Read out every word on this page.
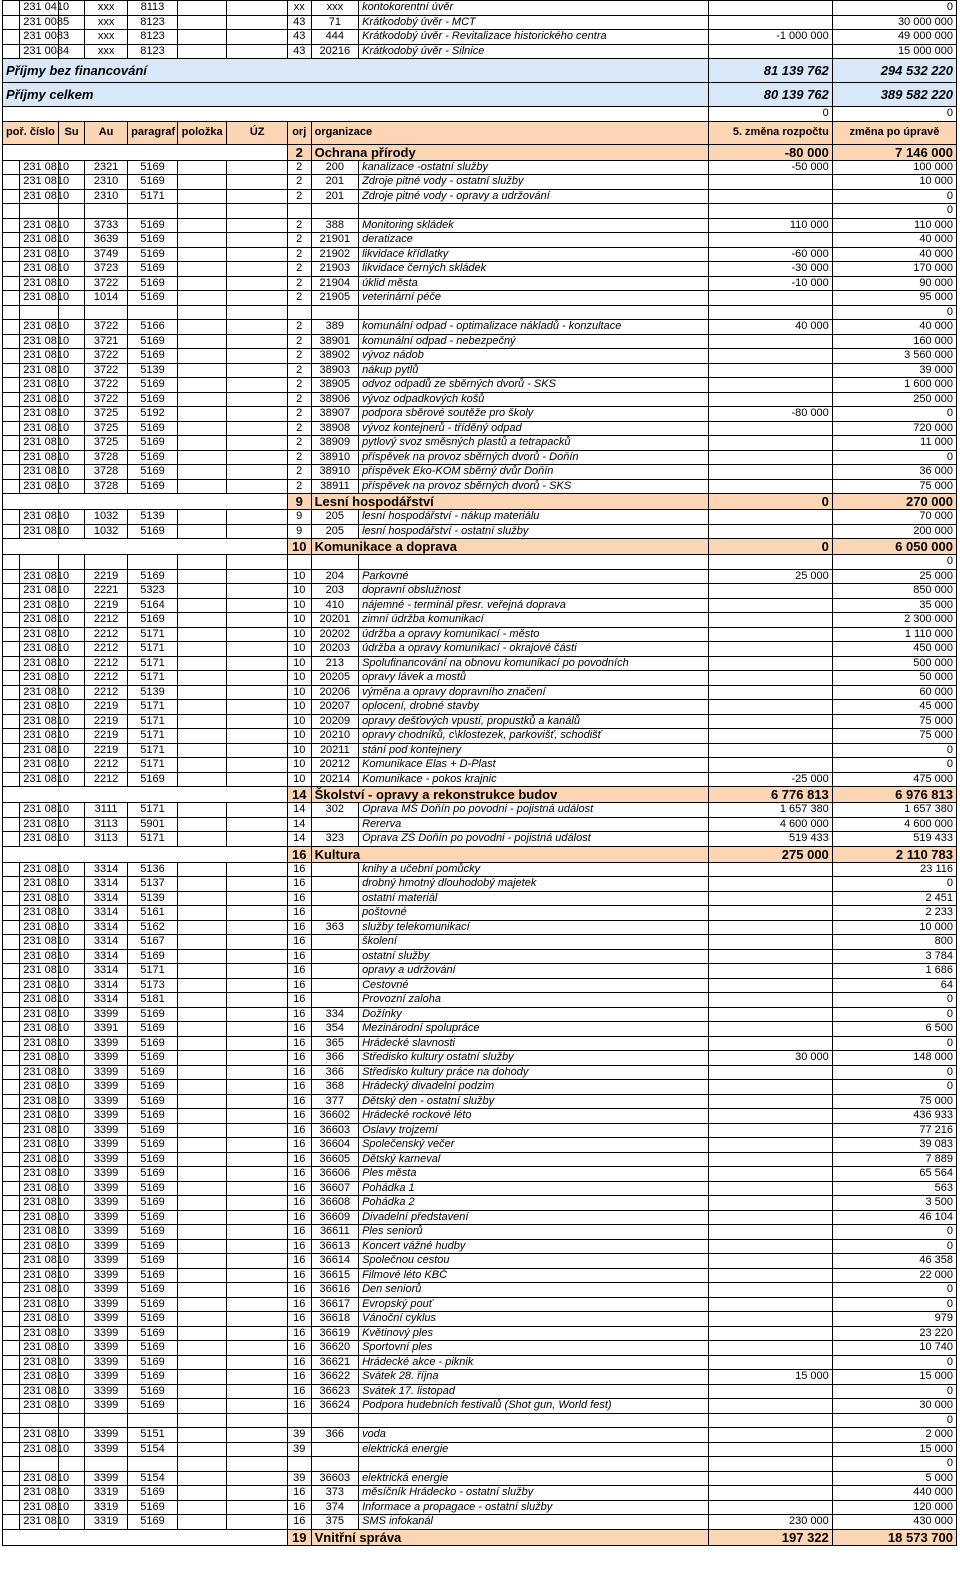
	231 0410		xxx	8113			xx	xxx	kontokorentní úvěr		0
	231 0085		xxx	8123			43	71	Krátkodobý úvěr - MCT		30 000 000
	231 0083		xxx	8123			43	444	Krátkodobý úvěr - Revitalizace historického centra	-1 000 000	49 000 000
	231 0084		xxx	8123			43	20216	Krátkodobý úvěr - Silnice		15 000 000
Příjmy bez financování										81 139 762	294 532 220
Příjmy celkem										80 139 762	389 582 220
										0	0
poř. číslo		Su	Au	paragraf	položka	ÚZ	orj	organizace		5. změna rozpočtu	změna po úpravě
							2	Ochrana přírody		-80 000	7 146 000
	231 0810		2321	5169			2	200	kanalizace -ostatní služby	-50 000	100 000
	231 0810		2310	5169			2	201	Zdroje pitné vody - ostatní služby		10 000
	231 0810		2310	5171			2	201	Zdroje pitné vody - opravy a udržování		0
											0
	231 0810		3733	5169			2	388	Monitoring skládek	110 000	110 000
	231 0810		3639	5169			2	21901	deratizace		40 000
	231 0810		3749	5169			2	21902	likvidace křídlatky	-60 000	40 000
	231 0810		3723	5169			2	21903	likvidace černých skládek	-30 000	170 000
	231 0810		3722	5169			2	21904	úklid města	-10 000	90 000
	231 0810		1014	5169			2	21905	veterinární péče		95 000
											0
	231 0810		3722	5166			2	389	komunální odpad - optimalizace nákladů - konzultace	40 000	40 000
	231 0810		3721	5169			2	38901	komunální odpad - nebezpečný		160 000
	231 0810		3722	5169			2	38902	vývoz nádob		3 560 000
	231 0810		3722	5139			2	38903	nákup pytlů		39 000
	231 0810		3722	5169			2	38905	odvoz odpadů ze sběrných dvorů - SKS		1 600 000
	231 0810		3722	5169			2	38906	vývoz odpadkových košů		250 000
	231 0810		3725	5192			2	38907	podpora sběrové soutěže pro školy	-80 000	0
	231 0810		3725	5169			2	38908	vývoz kontejnerů - tříděný odpad		720 000
	231 0810		3725	5169			2	38909	pytlový svoz směsných plastů a tetrapacků		11 000
	231 0810		3728	5169			2	38910	příspěvek na provoz sběrných dvorů - Doňín		0
	231 0810		3728	5169			2	38910	příspěvek Eko-KOM sběrný dvůr Doňín		36 000
	231 0810		3728	5169			2	38911	příspěvek na provoz sběrných dvorů - SKS		75 000
							9	Lesní hospodářství		0	270 000
	231 0810		1032	5139			9	205	lesní hospodářství - nákup materiálu		70 000
	231 0810		1032	5169			9	205	lesní hospodářství - ostatní služby		200 000
							10	Komunikace a doprava		0	6 050 000
											0
	231 0810		2219	5169			10	204	Parkovné	25 000	25 000
	231 0810		2221	5323			10	203	dopravní obslužnost		850 000
	231 0810		2219	5164			10	410	nájemné - terminál přesr. veřejná doprava		35 000
	231 0810		2212	5169			10	20201	zimní údržba komunikací		2 300 000
	231 0810		2212	5171			10	20202	údržba a opravy komunikací - město		1 110 000
	231 0810		2212	5171			10	20203	údržba a opravy komunikací - okrajové části		450 000
	231 0810		2212	5171			10	213	Spolufinancování na obnovu komunikací po povodních		500 000
	231 0810		2212	5171			10	20205	opravy lávek a mostů		50 000
	231 0810		2212	5139			10	20206	výměna a opravy dopravního značení		60 000
	231 0810		2219	5171			10	20207	oplocení, drobné stavby		45 000
	231 0810		2219	5171			10	20209	opravy dešťových vpustí, propustků a kanálů		75 000
	231 0810		2219	5171			10	20210	opravy chodníků, c\klostezek, parkovišť, schodišť		75 000
	231 0810		2219	5171			10	20211	stání pod kontejnery		0
	231 0810		2212	5171			10	20212	Komunikace Elas + D-Plast		0
	231 0810		2212	5169			10	20214	Komunikace - pokos krajnic	-25 000	475 000
							14	Školství - opravy a rekonstrukce budov		6 776 813	6 976 813
	231 0810		3111	5171			14	302	Oprava MŠ Doňín po povodni - pojistná událost	1 657 380	1 657 380
	231 0810		3113	5901			14		Rererva	4 600 000	4 600 000
	231 0810		3113	5171			14	323	Oprava ZŠ Doňín po povodni - pojistná událost	519 433	519 433
							16	Kultura		275 000	2 110 783
	231 0810		3314	5136			16		knihy a učební pomůcky		23 116
	231 0810		3314	5137			16		drobný hmotný dlouhodobý majetek		0
	231 0810		3314	5139			16		ostatní materiál		2 451
	231 0810		3314	5161			16		poštovné		2 233
	231 0810		3314	5162			16	363	služby telekomunikací		10 000
	231 0810		3314	5167			16		školení		800
	231 0810		3314	5169			16		ostatní služby		3 784
	231 0810		3314	5171			16		opravy a udržování		1 686
	231 0810		3314	5173			16		Cestovné		64
	231 0810		3314	5181			16		Provozní zaloha		0
	231 0810		3399	5169			16	334	Dožínky		0
	231 0810		3391	5169			16	354	Mezinárodní spolupráce		6 500
	231 0810		3399	5169			16	365	Hrádecké slavnosti		0
	231 0810		3399	5169			16	366	Středisko kultury ostatní služby	30 000	148 000
	231 0810		3399	5169			16	366	Středisko kultury práce na dohody		0
	231 0810		3399	5169			16	368	Hrádecký divadelní podzim		0
	231 0810		3399	5169			16	377	Dětský den - ostatní služby		75 000
	231 0810		3399	5169			16	36602	Hrádecké rockové léto		436 933
	231 0810		3399	5169			16	36603	Oslavy trojzemí		77 216
	231 0810		3399	5169			16	36604	Společenský večer		39 083
	231 0810		3399	5169			16	36605	Dětský karneval		7 889
	231 0810		3399	5169			16	36606	Ples města		65 564
	231 0810		3399	5169			16	36607	Pohádka 1		563
	231 0810		3399	5169			16	36608	Pohádka 2		3 500
	231 0810		3399	5169			16	36609	Divadelní představení		46 104
	231 0810		3399	5169			16	36611	Ples seniorů		0
	231 0810		3399	5169			16	36613	Koncert vážné hudby		0
	231 0810		3399	5169			16	36614	Společnou cestou		46 358
	231 0810		3399	5169			16	36615	Filmové léto KBČ		22 000
	231 0810		3399	5169			16	36616	Den seniorů		0
	231 0810		3399	5169			16	36617	Evropský pouť		0
	231 0810		3399	5169			16	36618	Vánoční cyklus		979
	231 0810		3399	5169			16	36619	Květinový ples		23 220
	231 0810		3399	5169			16	36620	Sportovní ples		10 740
	231 0810		3399	5169			16	36621	Hrádecké akce - piknik		0
	231 0810		3399	5169			16	36622	Svátek 28. října	15 000	15 000
	231 0810		3399	5169			16	36623	Svátek 17. listopad		0
	231 0810		3399	5169			16	36624	Podpora hudebních festivalů (Shot gun, World fest)		30 000
											0
	231 0810		3399	5151			39	366	voda		2 000
	231 0810		3399	5154			39		elektrická energie		15 000
											0
	231 0810		3399	5154			39	36603	elektrická energie		5 000
	231 0810		3319	5169			16	373	měsíčník Hrádecko - ostatní služby		440 000
	231 0810		3319	5169			16	374	Informace a propagace - ostatní služby		120 000
	231 0810		3319	5169			16	375	SMS infokanál	230 000	430 000
							19	Vnitřní správa		197 322	18 573 700
